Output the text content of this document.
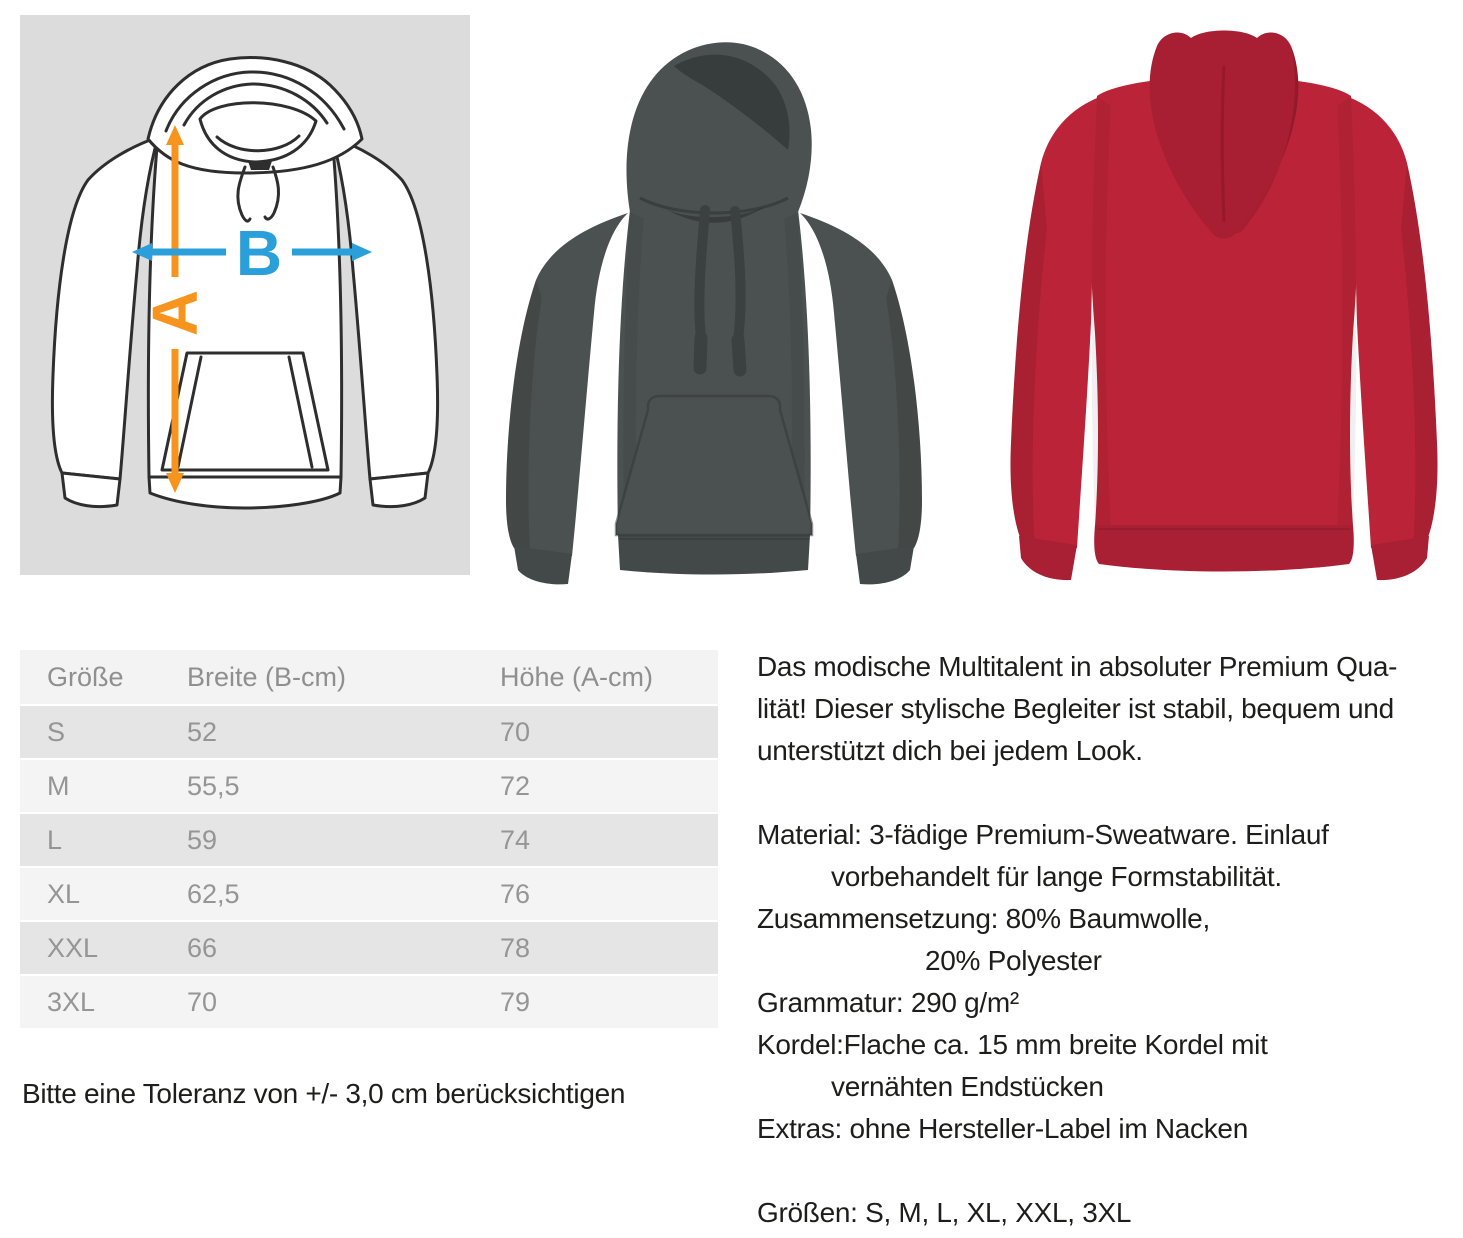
A
B
Größe	Breite (B-cm)	Höhe (A-cm)
S	52	70
M	55,5	72
L	59	74
XL	62,5	76
XXL	66	78
3XL	70	79

Bitte eine Toleranz von +/- 3,0 cm berücksichtigen

Das modische Multitalent in absoluter Premium Qua-
lität! Dieser stylische Begleiter ist stabil, bequem und
unterstützt dich bei jedem Look.

Material: 3-fädige Premium-Sweatware. Einlauf
vorbehandelt für lange Formstabilität.
Zusammensetzung: 80% Baumwolle,
20% Polyester
Grammatur: 290 g/m²
Kordel:Flache ca. 15 mm breite Kordel mit
vernähten Endstücken
Extras: ohne Hersteller-Label im Nacken

Größen: S, M, L, XL, XXL, 3XL
